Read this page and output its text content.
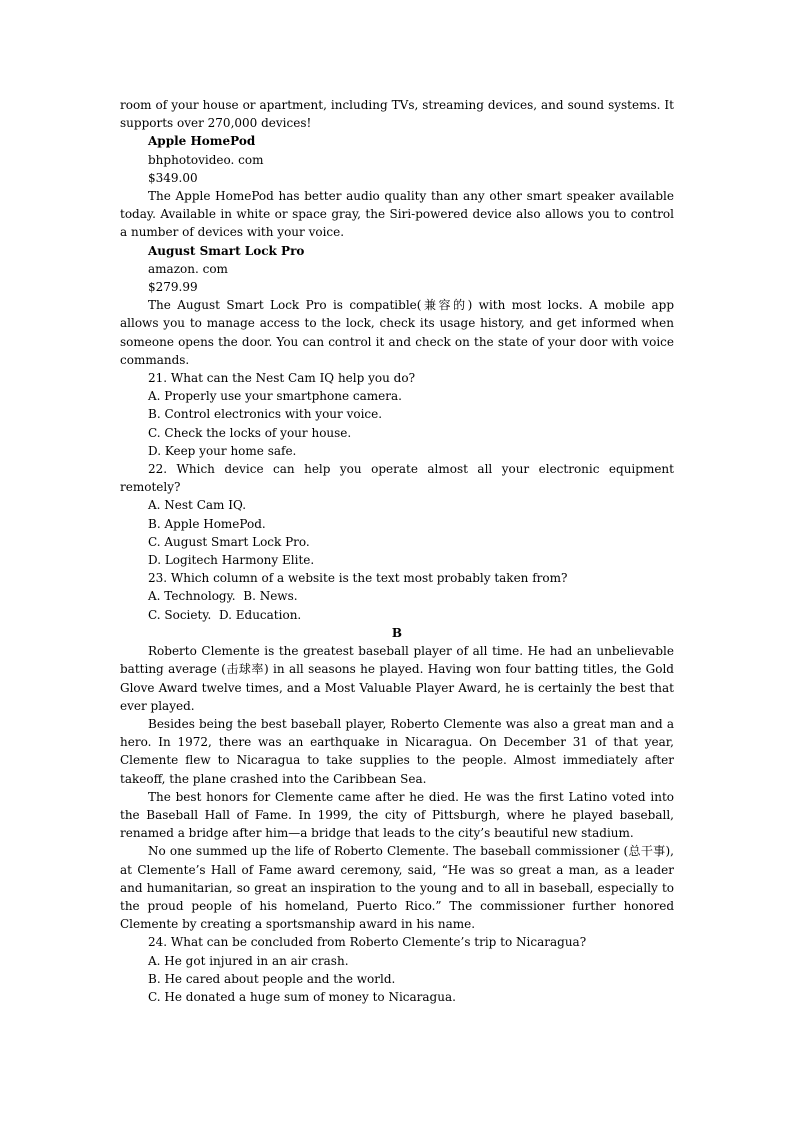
room of your house or apartment, including TVs, streaming devices, and sound systems. It supports over 270,000 devices!

Apple HomePod

bhphotovideo. com

$349.00

The Apple HomePod has better audio quality than any other smart speaker available today. Available in white or space gray, the Siri-powered device also allows you to control a number of devices with your voice.

August Smart Lock Pro

amazon. com

$279.99

The August Smart Lock Pro is compatible(兼容的) with most locks. A mobile app allows you to manage access to the lock, check its usage history, and get informed when someone opens the door. You can control it and check on the state of your door with voice commands.

21. What can the Nest Cam IQ help you do?

A. Properly use your smartphone camera.

B. Control electronics with your voice.

C. Check the locks of your house.

D. Keep your home safe.

22. Which device can help you operate almost all your electronic equipment remotely?

A. Nest Cam IQ.

B. Apple HomePod.

C. August Smart Lock Pro.

D. Logitech Harmony Elite.

23. Which column of a website is the text most probably taken from?

A. Technology.  B. News.

C. Society.  D. Education.

B

Roberto Clemente is the greatest baseball player of all time. He had an unbelievable batting average (击球率) in all seasons he played. Having won four batting titles, the Gold Glove Award twelve times, and a Most Valuable Player Award, he is certainly the best that ever played.

Besides being the best baseball player, Roberto Clemente was also a great man and a hero. In 1972, there was an earthquake in Nicaragua. On December 31 of that year, Clemente flew to Nicaragua to take supplies to the people. Almost immediately after takeoff, the plane crashed into the Caribbean Sea.

The best honors for Clemente came after he died. He was the first Latino voted into the Baseball Hall of Fame. In 1999, the city of Pittsburgh, where he played baseball, renamed a bridge after him—a bridge that leads to the city’s beautiful new stadium.

No one summed up the life of Roberto Clemente. The baseball commissioner (总干事), at Clemente’s Hall of Fame award ceremony, said, “He was so great a man, as a leader and humanitarian, so great an inspiration to the young and to all in baseball, especially to the proud people of his homeland, Puerto Rico.” The commissioner further honored Clemente by creating a sportsmanship award in his name.

24. What can be concluded from Roberto Clemente’s trip to Nicaragua?

A. He got injured in an air crash.

B. He cared about people and the world.

C. He donated a huge sum of money to Nicaragua.
